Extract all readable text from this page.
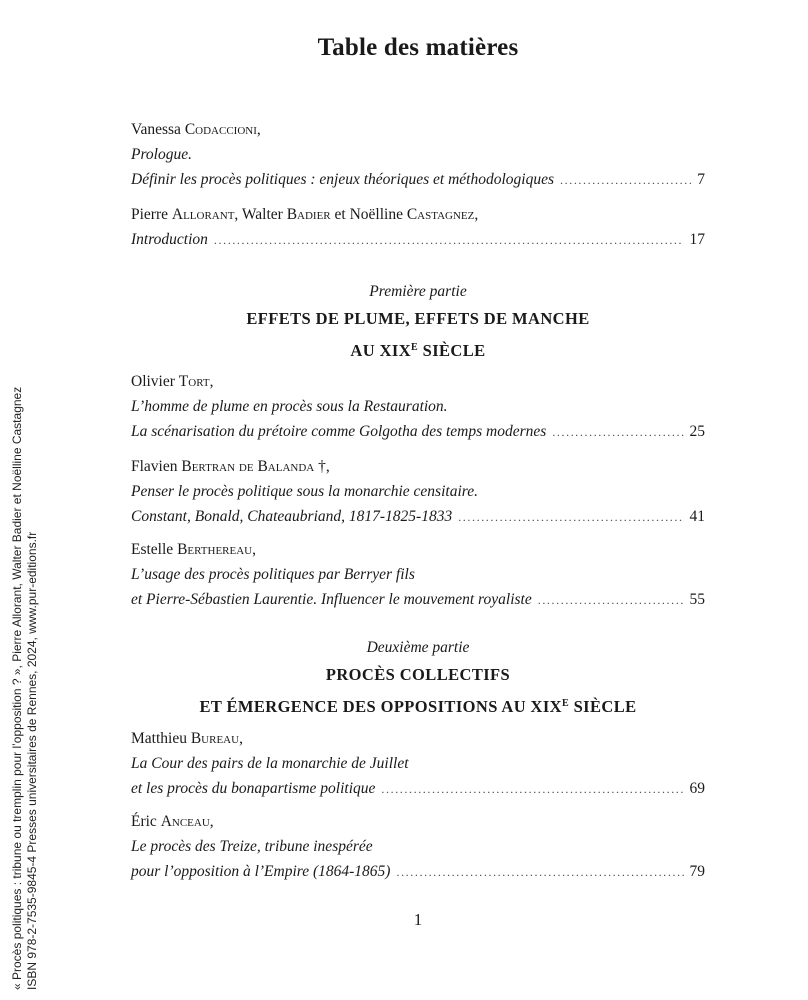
Table des matières
Vanessa Codaccioni,
Prologue.
Définir les procès politiques : enjeux théoriques et méthodologiques .....	7
Pierre Allorant, Walter Badier et Noëlline Castagnez,
Introduction .....	17
Première partie
EFFETS DE PLUME, EFFETS DE MANCHE
AU $XIX^E$ SIÈCLE
Olivier Tort,
L’homme de plume en procès sous la Restauration.
La scénarisation du prétoire comme Golgotha des temps modernes .....	25
Flavien Bertran de Balanda †,
Penser le procès politique sous la monarchie censitaire.
Constant, Bonald, Chateaubriand, 1817-1825-1833 .....	41
Estelle Berthereau,
L’usage des procès politiques par Berryer fils
et Pierre-Sébastien Laurentie. Influencer le mouvement royaliste .....	55
Deuxième partie
PROCÈS COLLECTIFS
ET ÉMERGENCE DES OPPOSITIONS AU $XIX^E$ SIÈCLE
Matthieu Bureau,
La Cour des pairs de la monarchie de Juillet
et les procès du bonapartisme politique .....	69
Éric Anceau,
Le procès des Treize, tribune inespérée
pour l’opposition à l’Empire (1864-1865) .....	79
1
« Procès politiques : tribune ou tremplin pour l’opposition ? », Pierre Allorant, Walter Badier et Noëlline Castagnez ISBN 978-2-7535-9845-4 Presses universitaires de Rennes, 2024, www.pur-editions.fr
